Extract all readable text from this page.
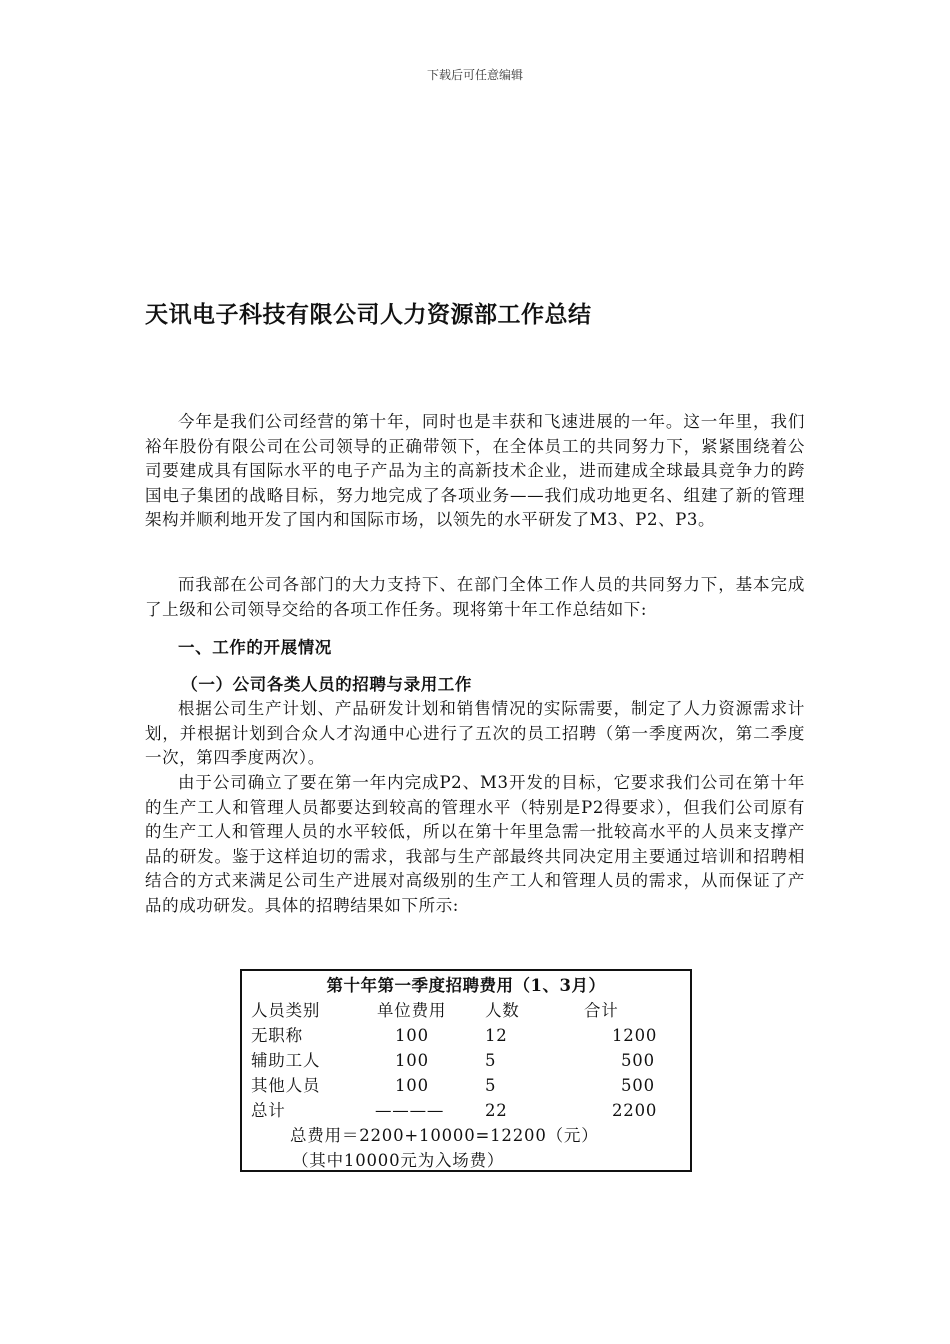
下载后可任意编辑
天讯电子科技有限公司人力资源部工作总结

今年是我们公司经营的第十年，同时也是丰获和飞速进展的一年。这一年里，我们裕年股份有限公司在公司领导的正确带领下，在全体员工的共同努力下，紧紧围绕着公司要建成具有国际水平的电子产品为主的高新技术企业，进而建成全球最具竞争力的跨国电子集团的战略目标，努力地完成了各项业务——我们成功地更名、组建了新的管理架构并顺利地开发了国内和国际市场，以领先的水平研发了M3、P2、P3。

而我部在公司各部门的大力支持下、在部门全体工作人员的共同努力下，基本完成了上级和公司领导交给的各项工作任务。现将第十年工作总结如下:

一、工作的开展情况

（一）公司各类人员的招聘与录用工作

根据公司生产计划、产品研发计划和销售情况的实际需要，制定了人力资源需求计划，并根据计划到合众人才沟通中心进行了五次的员工招聘（第一季度两次，第二季度一次，第四季度两次）。

由于公司确立了要在第一年内完成P2、M3开发的目标，它要求我们公司在第十年的生产工人和管理人员都要达到较高的管理水平（特别是P2得要求），但我们公司原有的生产工人和管理人员的水平较低，所以在第十年里急需一批较高水平的人员来支撑产品的研发。鉴于这样迫切的需求，我部与生产部最终共同决定用主要通过培训和招聘相结合的方式来满足公司生产进展对高级别的生产工人和管理人员的需求，从而保证了产品的成功研发。具体的招聘结果如下所示:

第十年第一季度招聘费用（1、3月）
人员类别	单位费用 人数	合计
无职称	100	12	1200
辅助工人	100	5	500
其他人员	100	5	500
总计	———— 22	2200
总费用＝2200+10000=12200（元）
（其中10000元为入场费）
